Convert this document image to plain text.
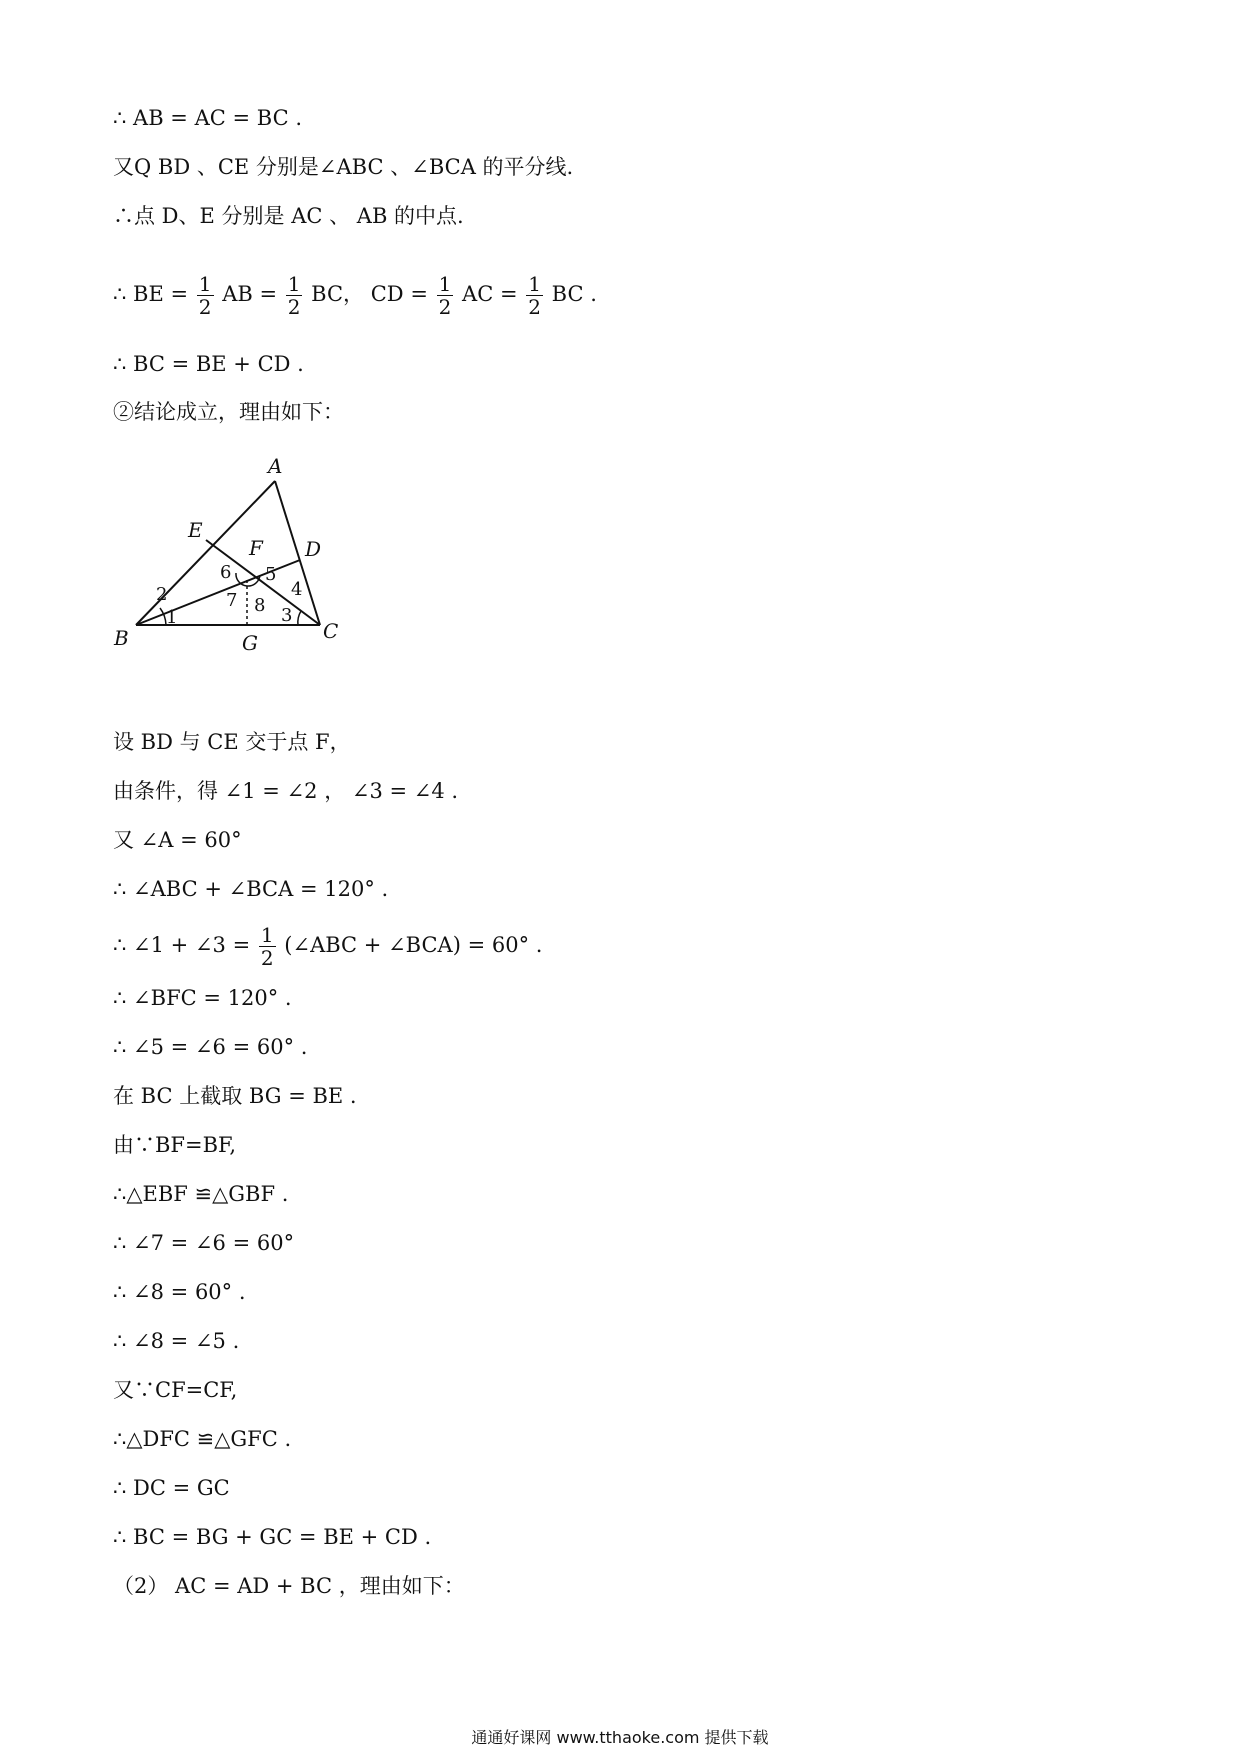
∴ AB = AC = BC .
又Q BD 、CE 分别是∠ABC 、∠BCA 的平分线.
∴点 D、E 分别是 AC 、 AB 的中点.
∴ BE = $\frac{1}{2}$ AB = $\frac{1}{2}$ BC， CD = $\frac{1}{2}$ AC = $\frac{1}{2}$ BC .
∴ BC = BE + CD .
②结论成立，理由如下：
A
B	C
D
E
F
G
1
2
3
4
5
6
7 8
设 BD 与 CE 交于点 F，
由条件，得 ∠1 = ∠2 ， ∠3 = ∠4 .
又 ∠A = 60°
∴ ∠ABC + ∠BCA = 120° .
∴ ∠1 + ∠3 = $\frac{1}{2}$ (∠ABC + ∠BCA) = 60° .
∴ ∠BFC = 120° .
∴ ∠5 = ∠6 = 60° .
在 BC 上截取 BG = BE .
由∵BF=BF,
∴△EBF ≌△GBF .
∴ ∠7 = ∠6 = 60°
∴ ∠8 = 60° .
∴ ∠8 = ∠5 .
又∵CF=CF,
∴△DFC ≌△GFC .
∴ DC = GC
∴ BC = BG + GC = BE + CD .
（2） AC = AD + BC ，理由如下：
通通好课网 www.tthaoke.com 提供下载
